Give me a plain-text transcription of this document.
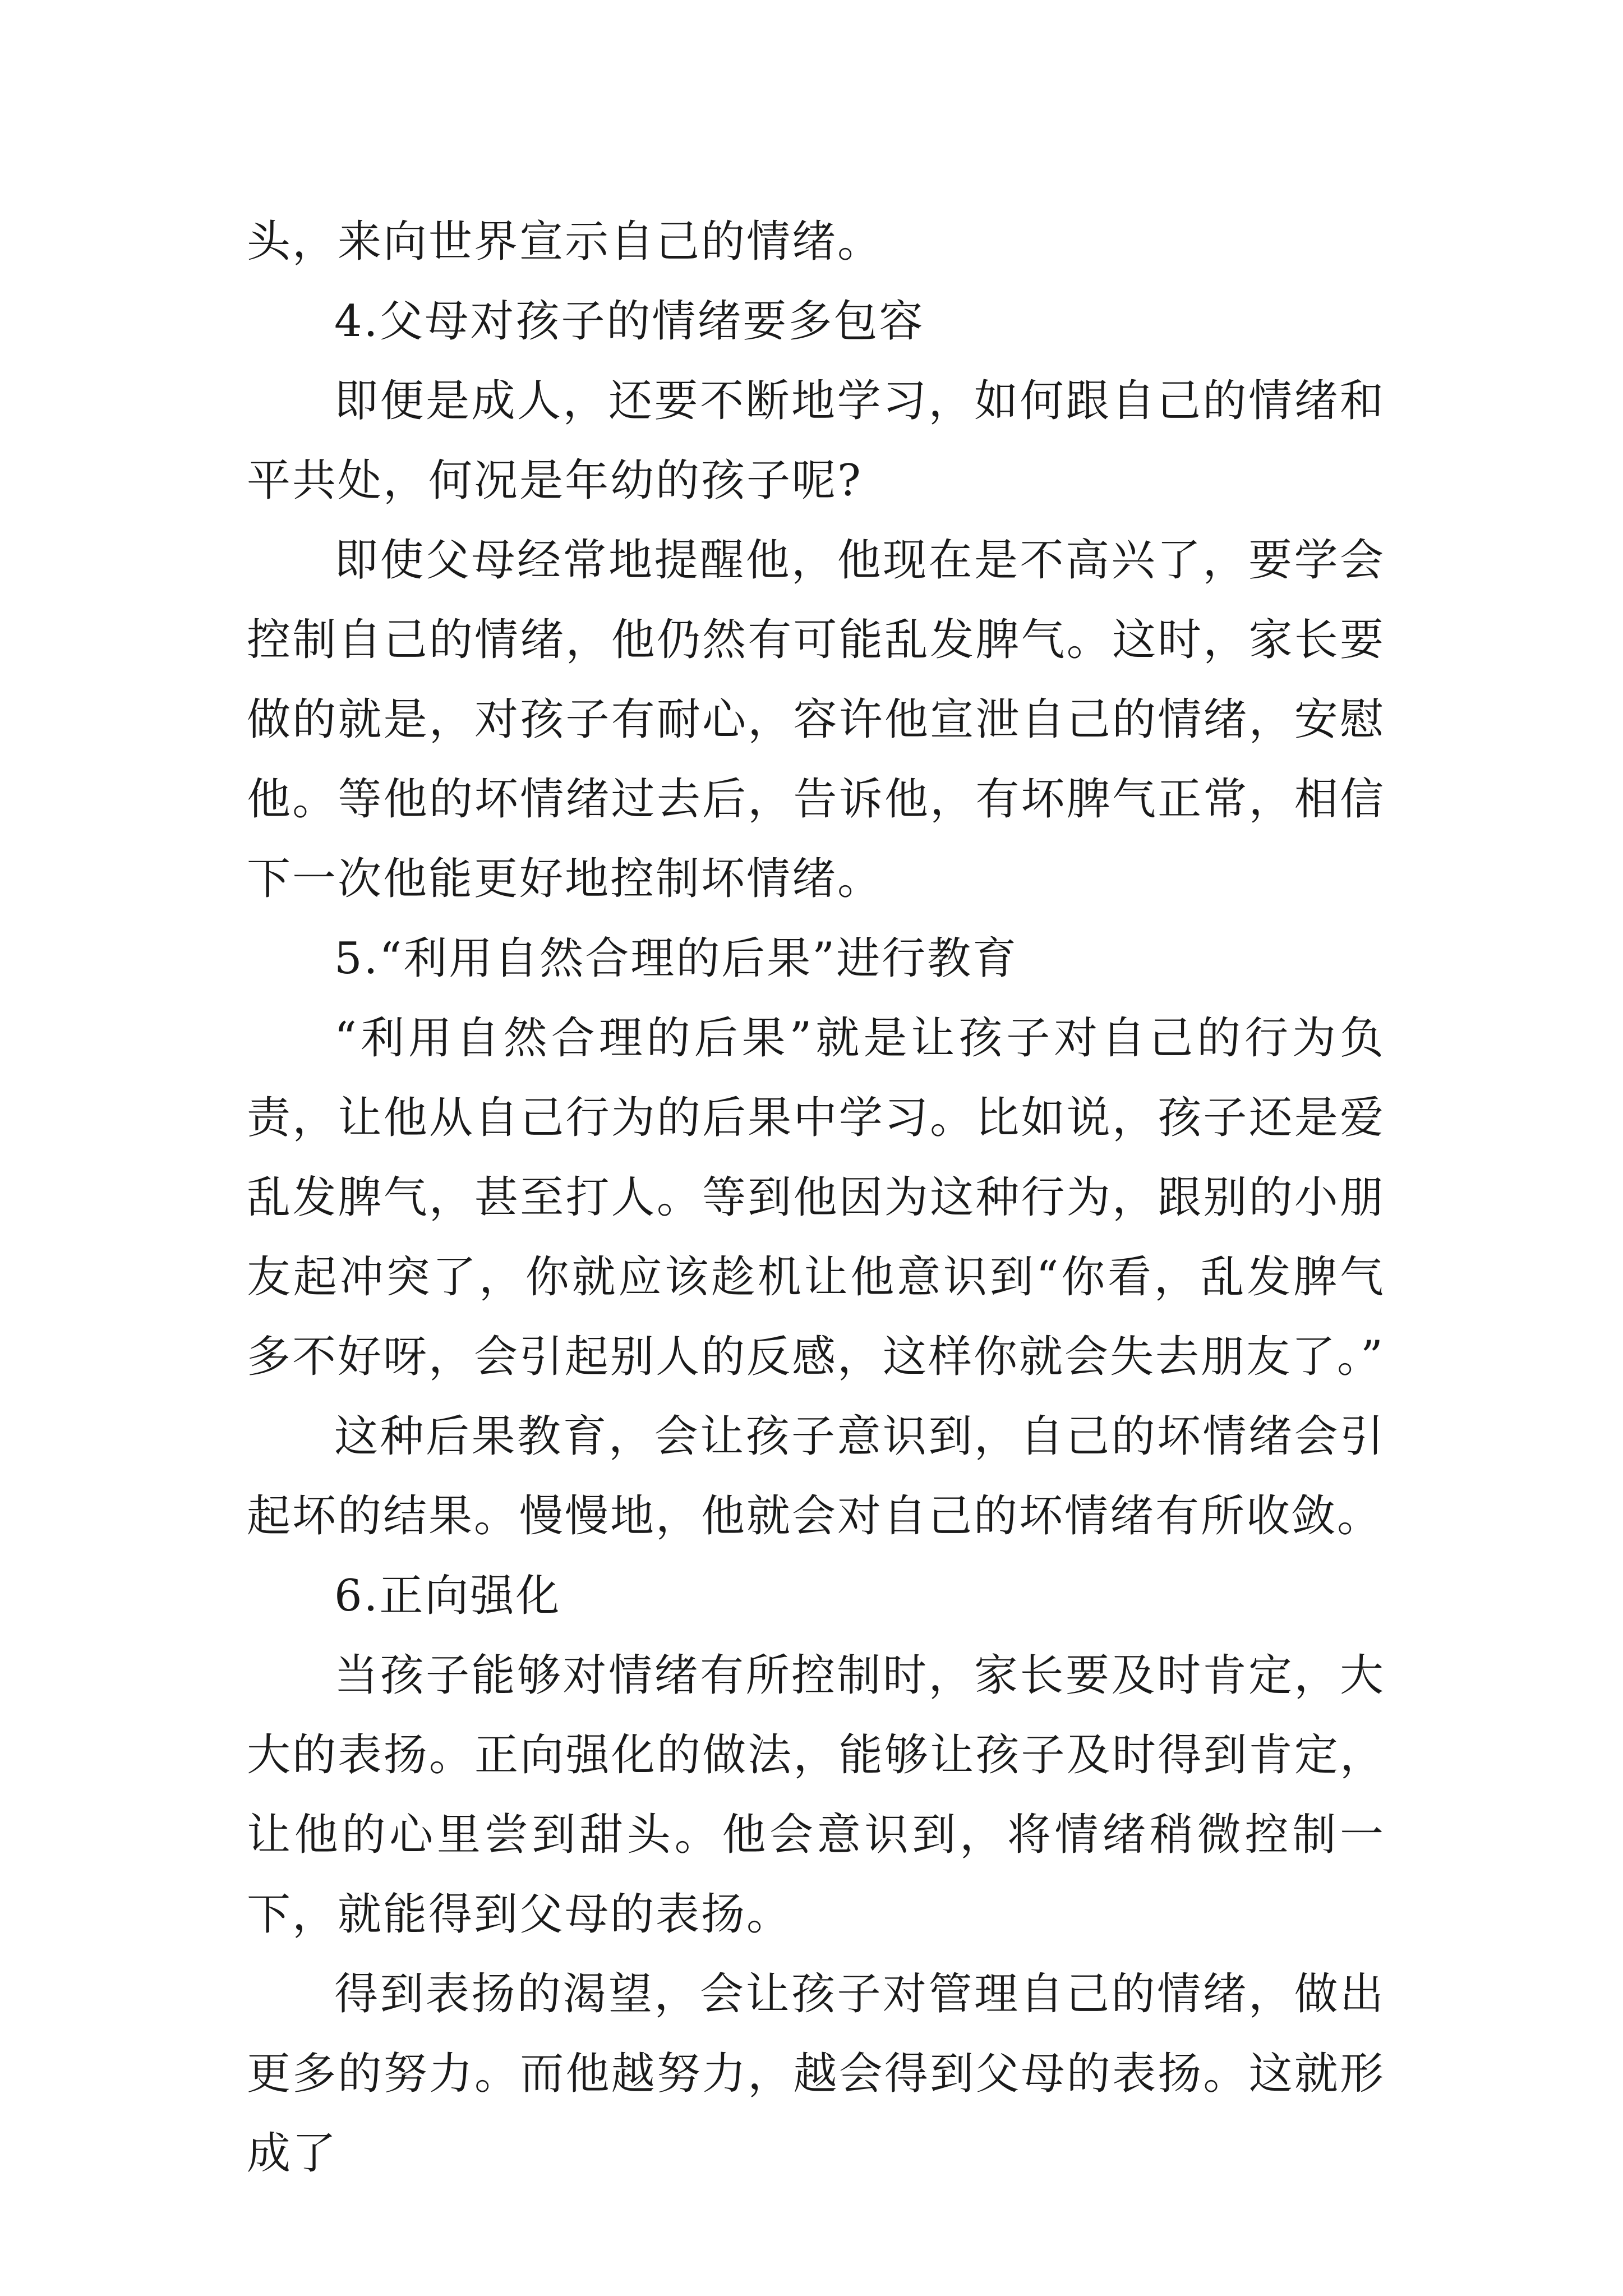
头，来向世界宣示自己的情绪。

4.父母对孩子的情绪要多包容

即便是成人，还要不断地学习，如何跟自己的情绪和平共处，何况是年幼的孩子呢?

即使父母经常地提醒他，他现在是不高兴了，要学会控制自己的情绪，他仍然有可能乱发脾气。这时，家长要做的就是，对孩子有耐心，容许他宣泄自己的情绪，安慰他。等他的坏情绪过去后，告诉他，有坏脾气正常，相信下一次他能更好地控制坏情绪。

5.“利用自然合理的后果”进行教育

“利用自然合理的后果”就是让孩子对自己的行为负责，让他从自己行为的后果中学习。比如说，孩子还是爱乱发脾气，甚至打人。等到他因为这种行为，跟别的小朋友起冲突了，你就应该趁机让他意识到“你看，乱发脾气多不好呀，会引起别人的反感，这样你就会失去朋友了。”

这种后果教育，会让孩子意识到，自己的坏情绪会引起坏的结果。慢慢地，他就会对自己的坏情绪有所收敛。

6.正向强化

当孩子能够对情绪有所控制时，家长要及时肯定，大大的表扬。正向强化的做法，能够让孩子及时得到肯定，让他的心里尝到甜头。他会意识到，将情绪稍微控制一下，就能得到父母的表扬。

得到表扬的渴望，会让孩子对管理自己的情绪，做出更多的努力。而他越努力，越会得到父母的表扬。这就形成了
